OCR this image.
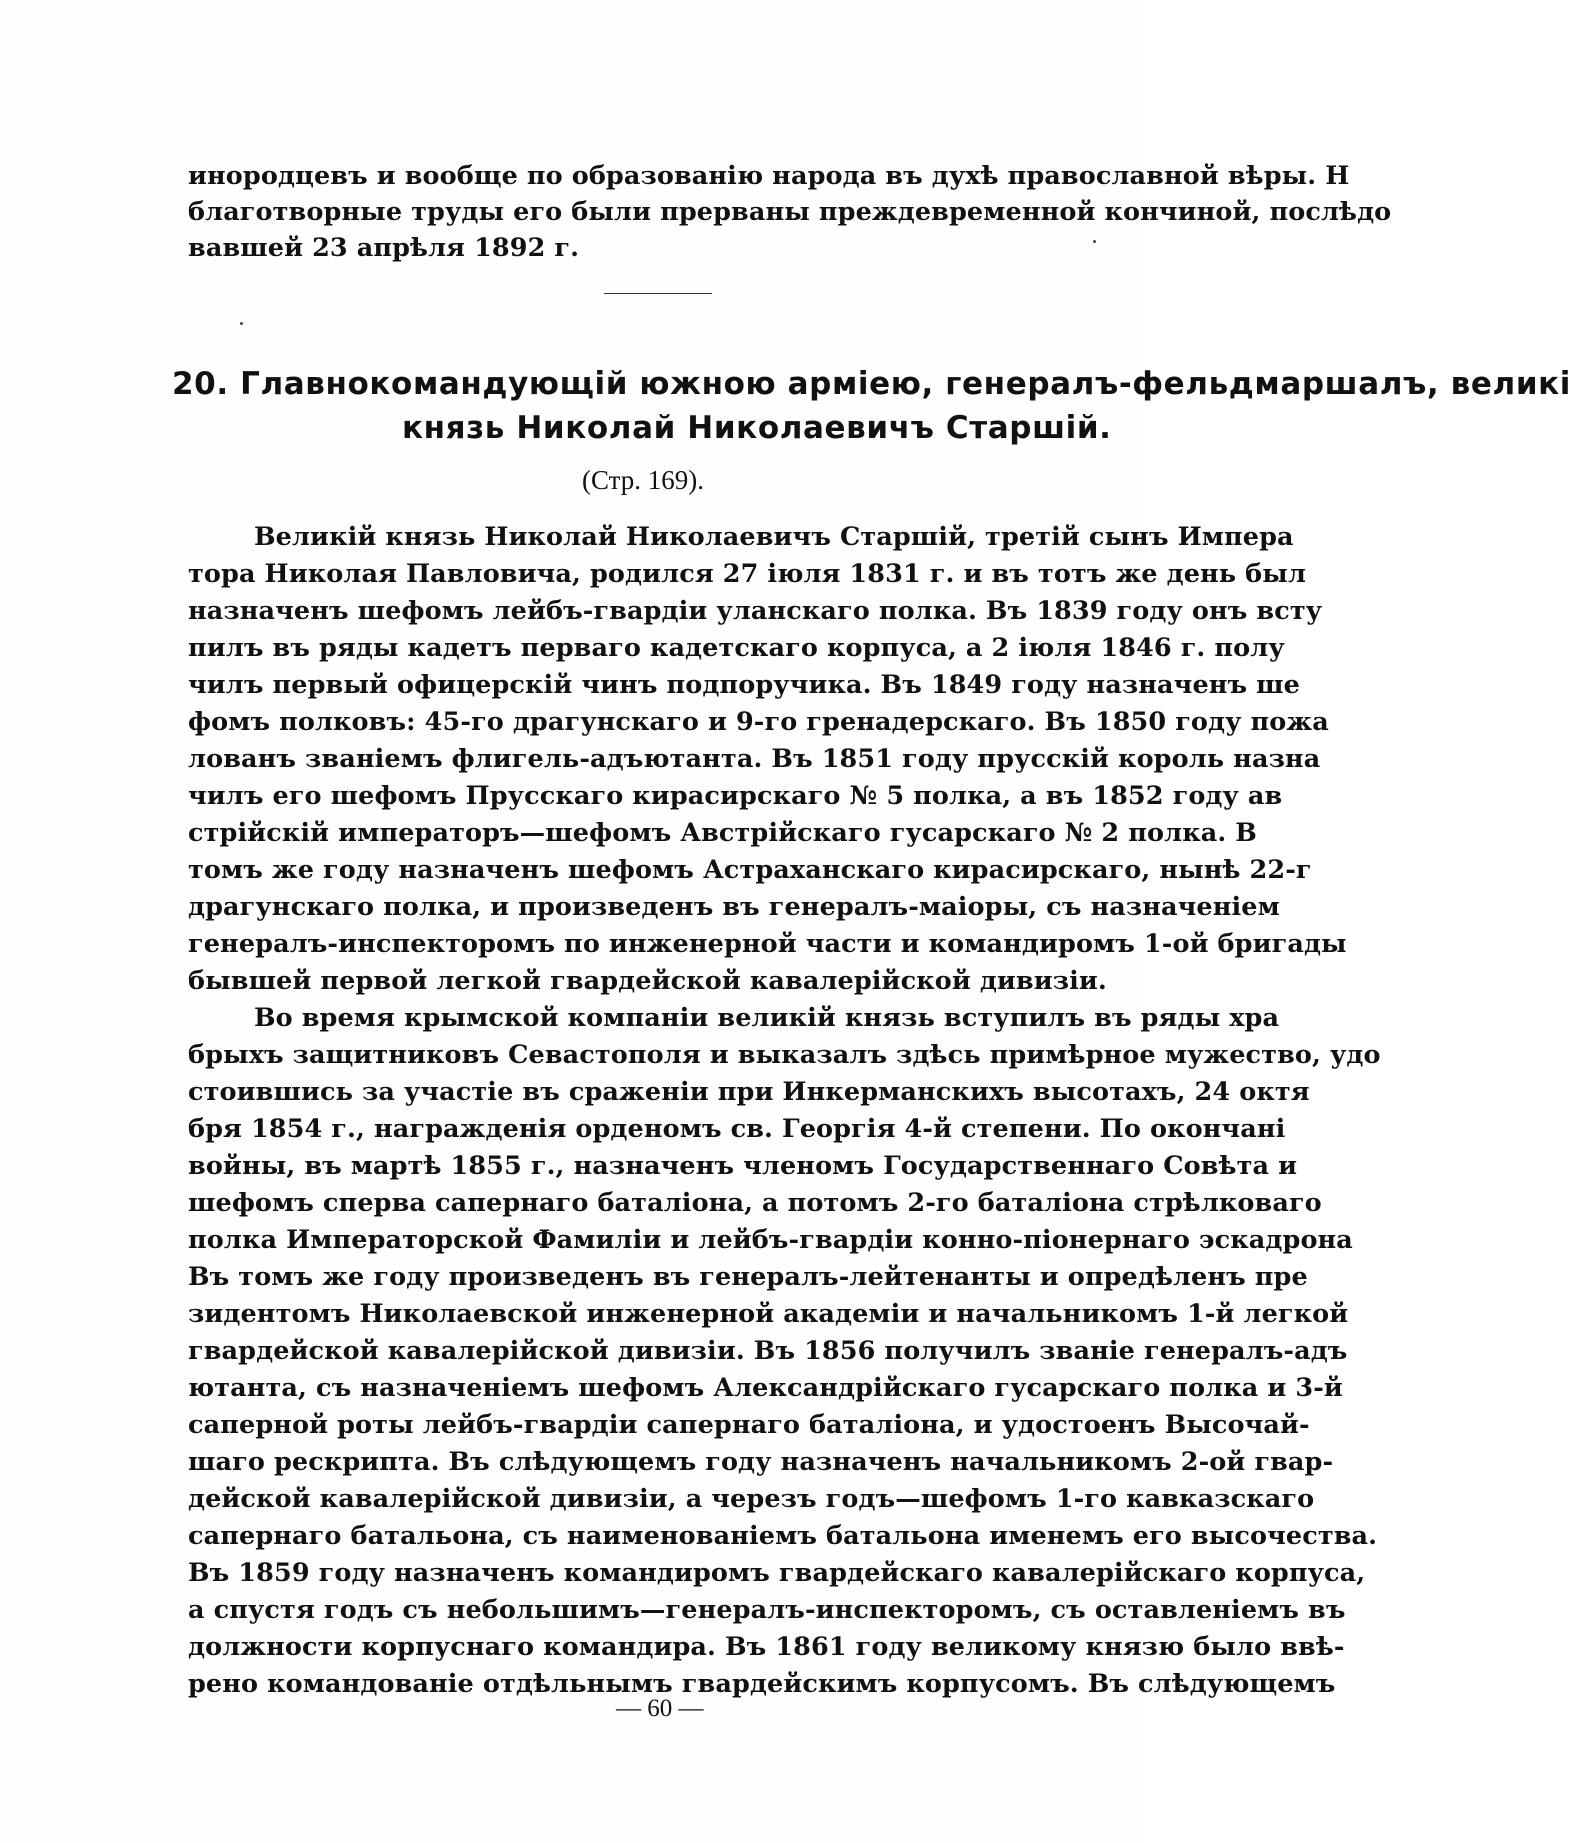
инородцевъ и вообще по образованію народа въ духѣ православной вѣры. Н
благотворные труды его были прерваны преждевременной кончиной, послѣдо
вавшей 23 апрѣля 1892 г.
20. Главнокомандующій южною арміею, генералъ-фельдмаршалъ, великі
князь Николай Николаевичъ Старшій.
(Стр. 169).
Великій князь Николай Николаевичъ Старшій, третій сынъ Импера
тора Николая Павловича, родился 27 іюля 1831 г. и въ тотъ же день был
назначенъ шефомъ лейбъ-гвардіи уланскаго полка. Въ 1839 году онъ всту
пилъ въ ряды кадетъ перваго кадетскаго корпуса, а 2 іюля 1846 г. полу
чилъ первый офицерскій чинъ подпоручика. Въ 1849 году назначенъ ше
фомъ полковъ: 45-го драгунскаго и 9-го гренадерскаго. Въ 1850 году пожа
лованъ званіемъ флигель-адъютанта. Въ 1851 году прусскій король назна
чилъ его шефомъ Прусскаго кирасирскаго № 5 полка, а въ 1852 году ав
стрійскій императоръ—шефомъ Австрійскаго гусарскаго № 2 полка. В
томъ же году назначенъ шефомъ Астраханскаго кирасирскаго, нынѣ 22-г
драгунскаго полка, и произведенъ въ генералъ-маіоры, съ назначеніем
генералъ-инспекторомъ по инженерной части и командиромъ 1-ой бригады
бывшей первой легкой гвардейской кавалерійской дивизіи.
Во время крымской компаніи великій князь вступилъ въ ряды хра
брыхъ защитниковъ Севастополя и выказалъ здѣсь примѣрное мужество, удо
стоившись за участіе въ сраженіи при Инкерманскихъ высотахъ, 24 октя
бря 1854 г., награжденія орденомъ св. Георгія 4-й степени. По окончані
войны, въ мартѣ 1855 г., назначенъ членомъ Государственнаго Совѣта и
шефомъ сперва сапернаго баталіона, а потомъ 2-го баталіона стрѣлковаго
полка Императорской Фамиліи и лейбъ-гвардіи конно-піонернаго эскадрона
Въ томъ же году произведенъ въ генералъ-лейтенанты и опредѣленъ пре
зидентомъ Николаевской инженерной академіи и начальникомъ 1-й легкой
гвардейской кавалерійской дивизіи. Въ 1856 получилъ званіе генералъ-адъ
ютанта, съ назначеніемъ шефомъ Александрійскаго гусарскаго полка и 3-й
саперной роты лейбъ-гвардіи сапернаго баталіона, и удостоенъ Высочай-
шаго рескрипта. Въ слѣдующемъ году назначенъ начальникомъ 2-ой гвар-
дейской кавалерійской дивизіи, а черезъ годъ—шефомъ 1-го кавказскаго
сапернаго батальона, съ наименованіемъ батальона именемъ его высочества.
Въ 1859 году назначенъ командиромъ гвардейскаго кавалерійскаго корпуса,
а спустя годъ съ небольшимъ—генералъ-инспекторомъ, съ оставленіемъ въ
должности корпуснаго командира. Въ 1861 году великому князю было ввѣ-
рено командованіе отдѣльнымъ гвардейскимъ корпусомъ. Въ слѣдующемъ
— 60 —
